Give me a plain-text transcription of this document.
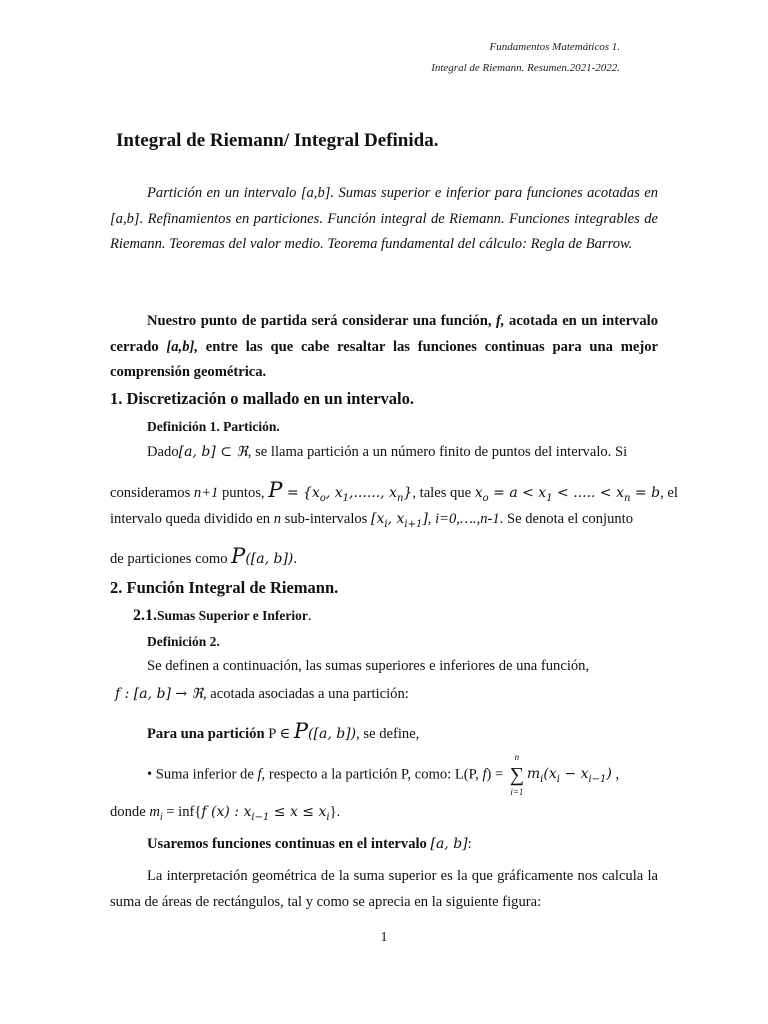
Fundamentos Matemáticos 1.
Integral de Riemann. Resumen.2021-2022.
Integral de Riemann/ Integral Definida.
Partición en un intervalo [a,b]. Sumas superior e inferior para funciones acotadas en [a,b]. Refinamientos en particiones. Función integral de Riemann. Funciones integrables de Riemann. Teoremas del valor medio. Teorema fundamental del cálculo: Regla de Barrow.
Nuestro punto de partida será considerar una función, f, acotada en un intervalo cerrado [a,b], entre las que cabe resaltar las funciones continuas para una mejor comprensión geométrica.
1. Discretización o mallado en un intervalo.
Definición 1. Partición.
Dado[a, b] ⊂ ℜ, se llama partición a un número finito de puntos del intervalo. Si
consideramos n+1 puntos, $P = \{x_o$, $x_1$,......, $x_n$}, tales que $x_o = a < x_1$ < ..... < $x_n = b$, el
intervalo queda dividido en n sub-intervalos [$x_i$, $x_{i+1}$], i=0,….,n-1. Se denota el conjunto
de particiones como P([a, b]).
2. Función Integral de Riemann.
2.1.Sumas Superior e Inferior.
Definición 2.
Se definen a continuación, las sumas superiores e inferiores de una función,
f : [a, b] → ℜ, acotada asociadas a una partición:
Para una partición P ∈ P([a, b]), se define,
• Suma inferior de f, respecto a la partición P, como: L(P, f) =
n
∑
i=1
$m_i(x_i - x_{i-1})$ ,
donde $m_i = inf\{f$ (x) : $x_{i-1} \le x \le x_i$}.
Usaremos funciones continuas en el intervalo [a, b]:
La interpretación geométrica de la suma superior es la que gráficamente nos calcula la suma de áreas de rectángulos, tal y como se aprecia en la siguiente figura:
1
